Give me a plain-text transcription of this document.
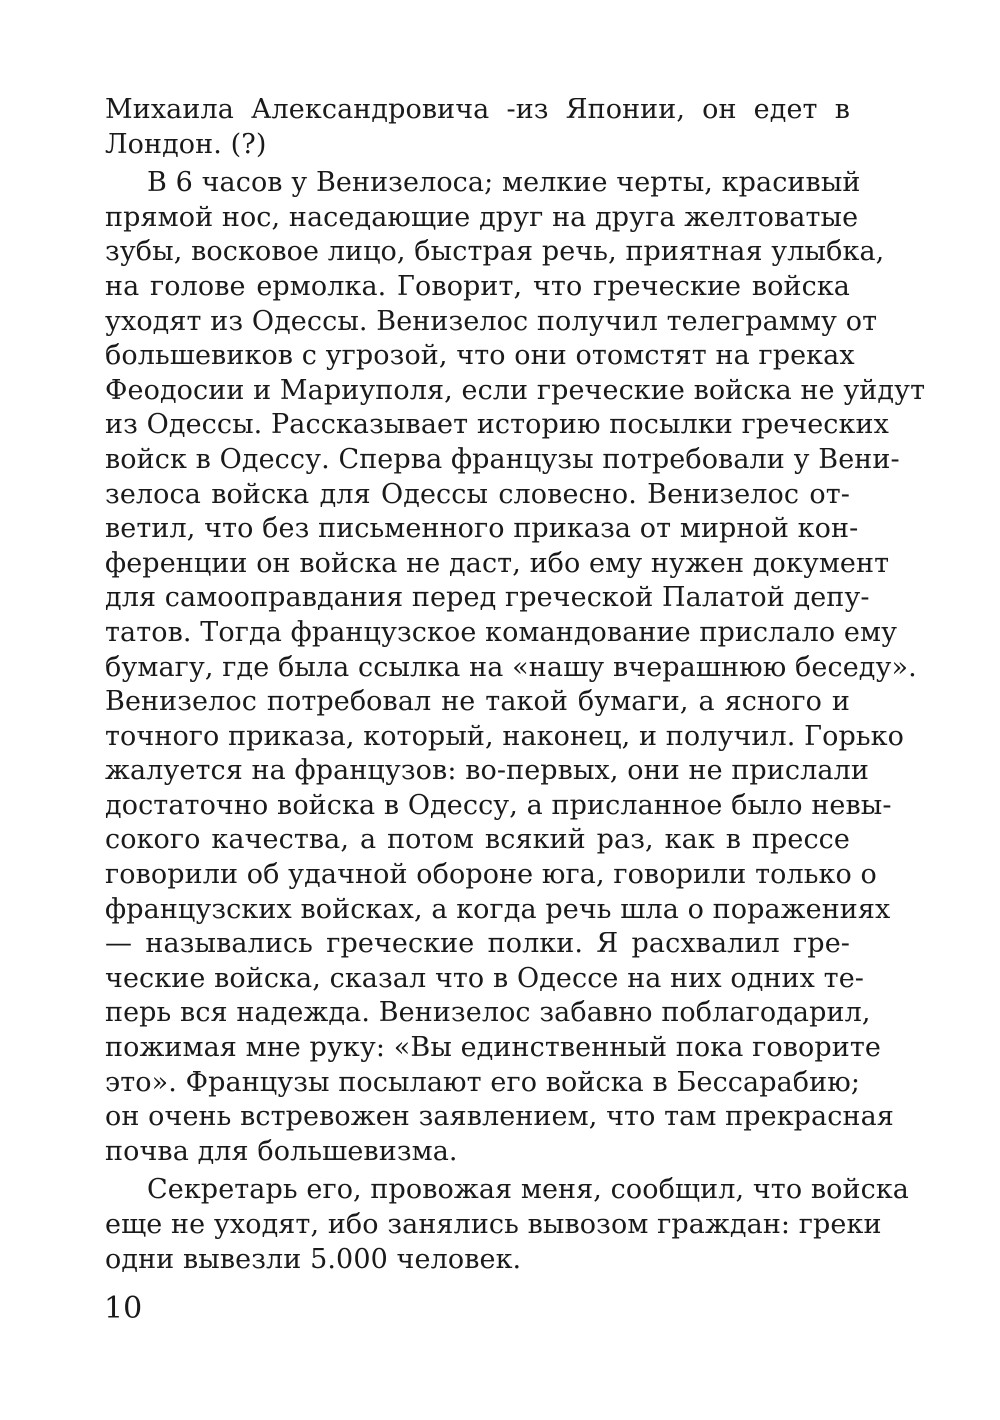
Михаила Александровича -из Японии, он едет в
Лондон. (?)
В 6 часов у Венизелоса; мелкие черты, красивый
прямой нос, наседающие друг на друга желтоватые
зубы, восковое лицо, быстрая речь, приятная улыбка,
на голове ермолка. Говорит, что греческие войска
уходят из Одессы. Венизелос получил телеграмму от
большевиков с угрозой, что они отомстят на греках
Феодосии и Мариуполя, если греческие войска не уйдут
из Одессы. Рассказывает историю посылки греческих
войск в Одессу. Сперва французы потребовали у Вени-
зелоса войска для Одессы словесно. Венизелос от-
ветил, что без письменного приказа от мирной кон-
ференции он войска не даст, ибо ему нужен документ
для самооправдания перед греческой Палатой депу-
татов. Тогда французское командование прислало ему
бумагу, где была ссылка на «нашу вчерашнюю беседу».
Венизелос потребовал не такой бумаги, а ясного и
точного приказа, который, наконец, и получил. Горько
жалуется на французов: во-первых, они не прислали
достаточно войска в Одессу, а присланное было невы-
сокого качества, а потом всякий раз, как в прессе
говорили об удачной обороне юга, говорили только о
французских войсках, а когда речь шла о поражениях
— назывались греческие полки. Я расхвалил гре-
ческие войска, сказал что в Одессе на них одних те-
перь вся надежда. Венизелос забавно поблагодарил,
пожимая мне руку: «Вы единственный пока говорите
это». Французы посылают его войска в Бессарабию;
он очень встревожен заявлением, что там прекрасная
почва для большевизма.
Секретарь его, провожая меня, сообщил, что войска
еще не уходят, ибо занялись вывозом граждан: греки
одни вывезли 5.000 человек.
10
